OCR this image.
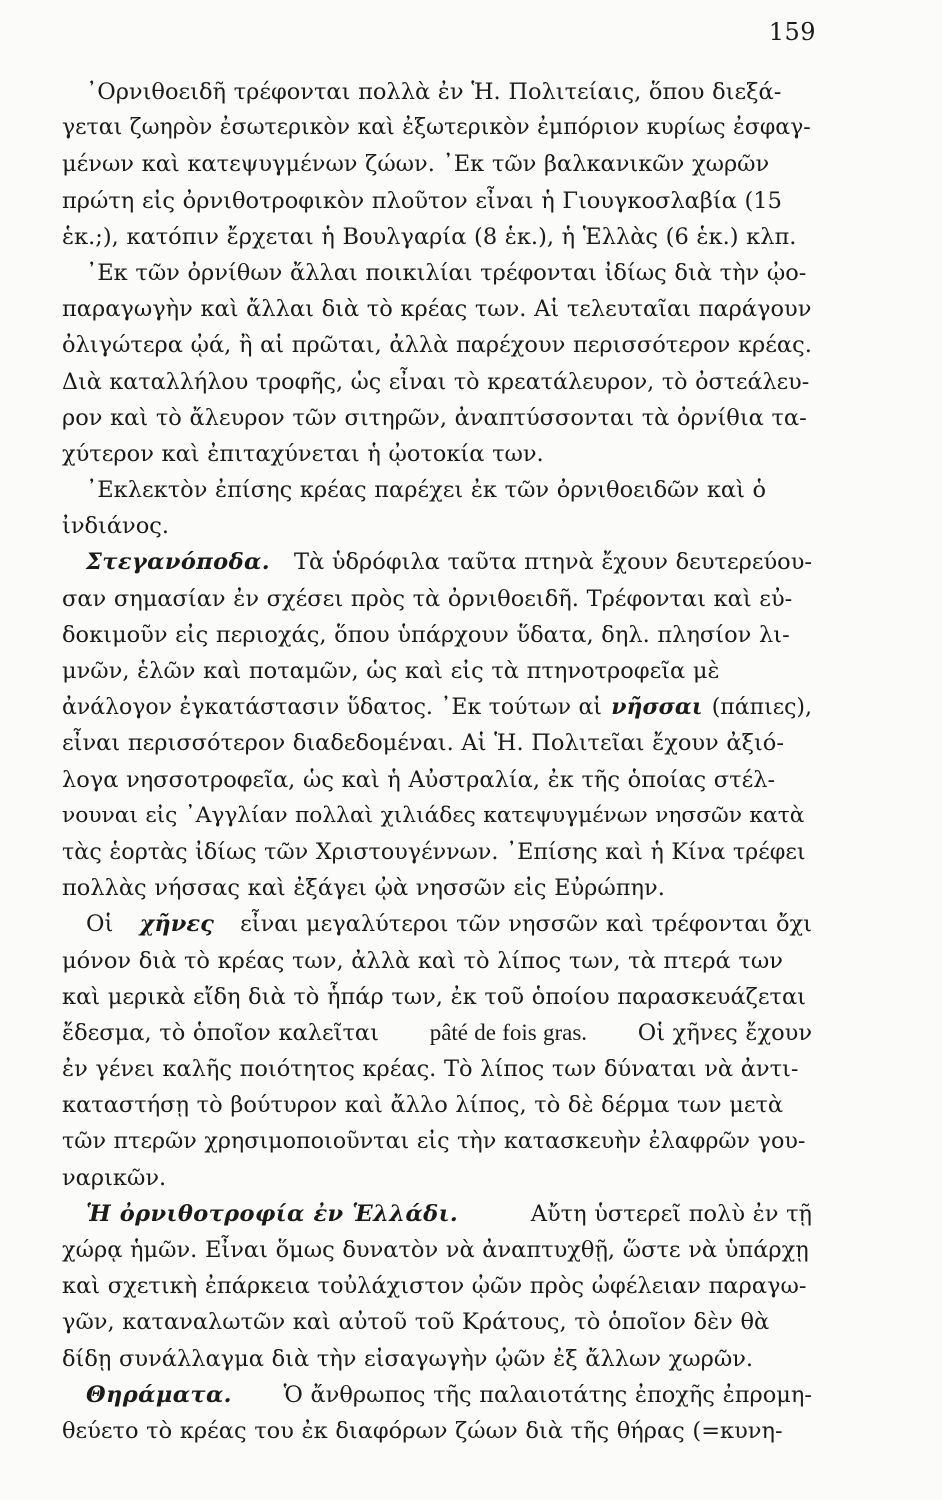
159
᾿Ορνιθοειδῆ τρέφονται πολλὰ ἐν Ἡ. Πολιτείαις, ὅπου διεξά-
γεται ζωηρὸν ἐσωτερικὸν καὶ ἐξωτερικὸν ἐμπόριον κυρίως ἐσφαγ-
μένων καὶ κατεψυγμένων ζώων. ᾿Εκ τῶν βαλκανικῶν χωρῶν
πρώτη εἰς ὀρνιθοτροφικὸν πλοῦτον εἶναι ἡ Γιουγκοσλαβία (15
ἑκ.;), κατόπιν ἔρχεται ἡ Βουλγαρία (8 ἑκ.), ἡ Ἑλλὰς (6 ἑκ.) κλπ.
᾿Εκ τῶν ὀρνίθων ἄλλαι ποικιλίαι τρέφονται ἰδίως διὰ τὴν ᾠο-
παραγωγὴν καὶ ἄλλαι διὰ τὸ κρέας των. Αἱ τελευταῖαι παράγουν
ὀλιγώτερα ᾠά, ἢ αἱ πρῶται, ἀλλὰ παρέχουν περισσότερον κρέας.
Διὰ καταλλήλου τροφῆς, ὡς εἶναι τὸ κρεατάλευρον, τὸ ὀστεάλευ-
ρον καὶ τὸ ἄλευρον τῶν σιτηρῶν, ἀναπτύσσονται τὰ ὀρνίθια τα-
χύτερον καὶ ἐπιταχύνεται ἡ ᾠοτοκία των.
᾿Εκλεκτὸν ἐπίσης κρέας παρέχει ἐκ τῶν ὀρνιθοειδῶν καὶ ὁ
ἰνδιάνος.
Στεγανόποδα. Τὰ ὑδρόφιλα ταῦτα πτηνὰ ἔχουν δευτερεύου-
σαν σημασίαν ἐν σχέσει πρὸς τὰ ὀρνιθοειδῆ. Τρέφονται καὶ εὐ-
δοκιμοῦν εἰς περιοχάς, ὅπου ὑπάρχουν ὕδατα, δηλ. πλησίον λι-
μνῶν, ἑλῶν καὶ ποταμῶν, ὡς καὶ εἰς τὰ πτηνοτροφεῖα μὲ
ἀνάλογον ἐγκατάστασιν ὕδατος. ᾿Εκ τούτων αἱ νῆσσαι (πάπιες),
εἶναι περισσότερον διαδεδομέναι. Αἱ Ἡ. Πολιτεῖαι ἔχουν ἀξιό-
λογα νησσοτροφεῖα, ὡς καὶ ἡ Αὐστραλία, ἐκ τῆς ὁποίας στέλ-
νουναι εἰς ᾿Αγγλίαν πολλαὶ χιλιάδες κατεψυγμένων νησσῶν κατὰ
τὰς ἑορτὰς ἰδίως τῶν Χριστουγέννων. ᾿Επίσης καὶ ἡ Κίνα τρέφει
πολλὰς νήσσας καὶ ἐξάγει ᾠὰ νησσῶν εἰς Εὐρώπην.
Οἱ χῆνες εἶναι μεγαλύτεροι τῶν νησσῶν καὶ τρέφονται ὄχι
μόνον διὰ τὸ κρέας των, ἀλλὰ καὶ τὸ λίπος των, τὰ πτερά των
καὶ μερικὰ εἴδη διὰ τὸ ἧπάρ των, ἐκ τοῦ ὁποίου παρασκευάζεται
ἔδεσμα, τὸ ὁποῖον καλεῖται pâté de fois gras. Οἱ χῆνες ἔχουν
ἐν γένει καλῆς ποιότητος κρέας. Τὸ λίπος των δύναται νὰ ἀντι-
καταστήσῃ τὸ βούτυρον καὶ ἄλλο λίπος, τὸ δὲ δέρμα των μετὰ
τῶν πτερῶν χρησιμοποιοῦνται εἰς τὴν κατασκευὴν ἐλαφρῶν γου-
ναρικῶν.
Ἡ ὀρνιθοτροφία ἐν Ἑλλάδι.	Αὔτη ὑστερεῖ πολὺ ἐν τῇ
χώρᾳ ἡμῶν. Εἶναι ὅμως δυνατὸν νὰ ἀναπτυχθῇ, ὥστε νὰ ὑπάρχῃ
καὶ σχετικὴ ἐπάρκεια τοὐλάχιστον ᾠῶν πρὸς ὠφέλειαν παραγω-
γῶν, καταναλωτῶν καὶ αὐτοῦ τοῦ Κράτους, τὸ ὁποῖον δὲν θὰ
δίδῃ συνάλλαγμα διὰ τὴν εἰσαγωγὴν ᾠῶν ἐξ ἄλλων χωρῶν.
Θηράματα. Ὁ ἄνθρωπος τῆς παλαιοτάτης ἐποχῆς ἐπρομη-
θεύετο τὸ κρέας του ἐκ διαφόρων ζώων διὰ τῆς θήρας (=κυνη-
